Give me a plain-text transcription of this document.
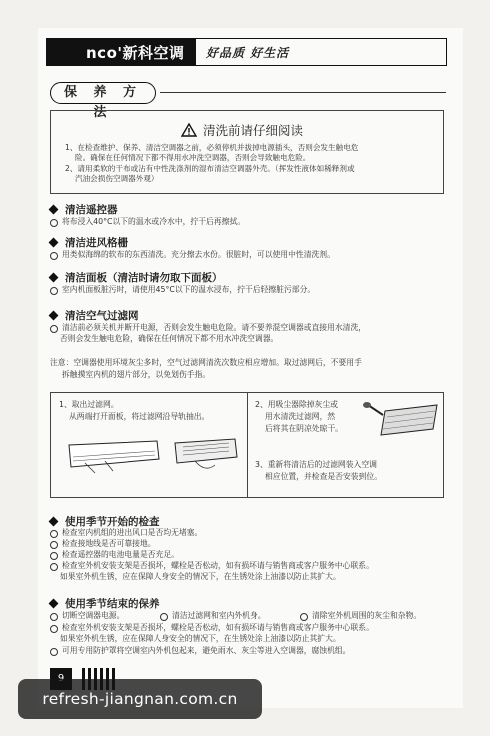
nco'新科空调	好品质 好生活
保 养 方 法
清洗前请仔细阅读
1、在检查维护、保养、清洁空调器之前，必须停机并拔掉电源插头，否则会发生触电危
险。确保在任何情况下都不得用水冲洗空调器，否则会导致触电危险。
2、请用柔软的干布或沾有中性洗涤剂的湿布清洁空调器外壳。（挥发性液体如稀释剂或
汽油会损伤空调器外观）
清洁遥控器
将布浸入40°C以下的温水或冷水中，拧干后再擦拭。
清洁进风格栅
用类似海绵的软布的东西清洗。充分擦去水份。很脏时，可以使用中性清洗剂。
清洁面板（清洁时请勿取下面板）
室内机面板脏污时，请使用45°C以下的温水浸布，拧干后轻擦脏污部分。
清洁空气过滤网
清洁前必须关机并断开电源，否则会发生触电危险。请不要养混空调器或直接用水清洗，
否则会发生触电危险，确保在任何情况下都不用水冲洗空调器。
注意：空调器使用环境灰尘多时，空气过滤网清洗次数应相应增加。取过滤网后，不要用手
拆触摸室内机的翅片部分，以免划伤手指。
1、取出过滤网。
从两端打开面板，将过滤网沿导轨抽出。
2、用吸尘器除掉灰尘或
用水清洗过滤网，然
后将其在阴凉处晾干。
3、重新将清洁后的过滤网装入空调
相应位置，并检查是否安装到位。
使用季节开始的检查
检查室内机组的进出风口是否均无堵塞。
检查接地线是否可靠接地。
检查遥控器的电池电量是否充足。
检查室外机安装支架是否损坏，螺栓是否松动，如有损坏请与销售商或客户服务中心联系。
如果室外机生锈，应在保障人身安全的情况下，在生锈处涂上油漆以防止其扩大。
使用季节结束的保养
切断空调器电源。	清洁过滤网和室内外机身。	清除室外机周围的灰尘和杂物。
检查室外机安装支架是否损坏，螺栓是否松动，如有损坏请与销售商或客户服务中心联系。
如果室外机生锈，应在保障人身安全的情况下，在生锈处涂上油漆以防止其扩大。
可用专用防护罩将空调室内外机包起来，避免雨水、灰尘等进入空调器，腐蚀机组。
refresh-jiangnan.com.cn
